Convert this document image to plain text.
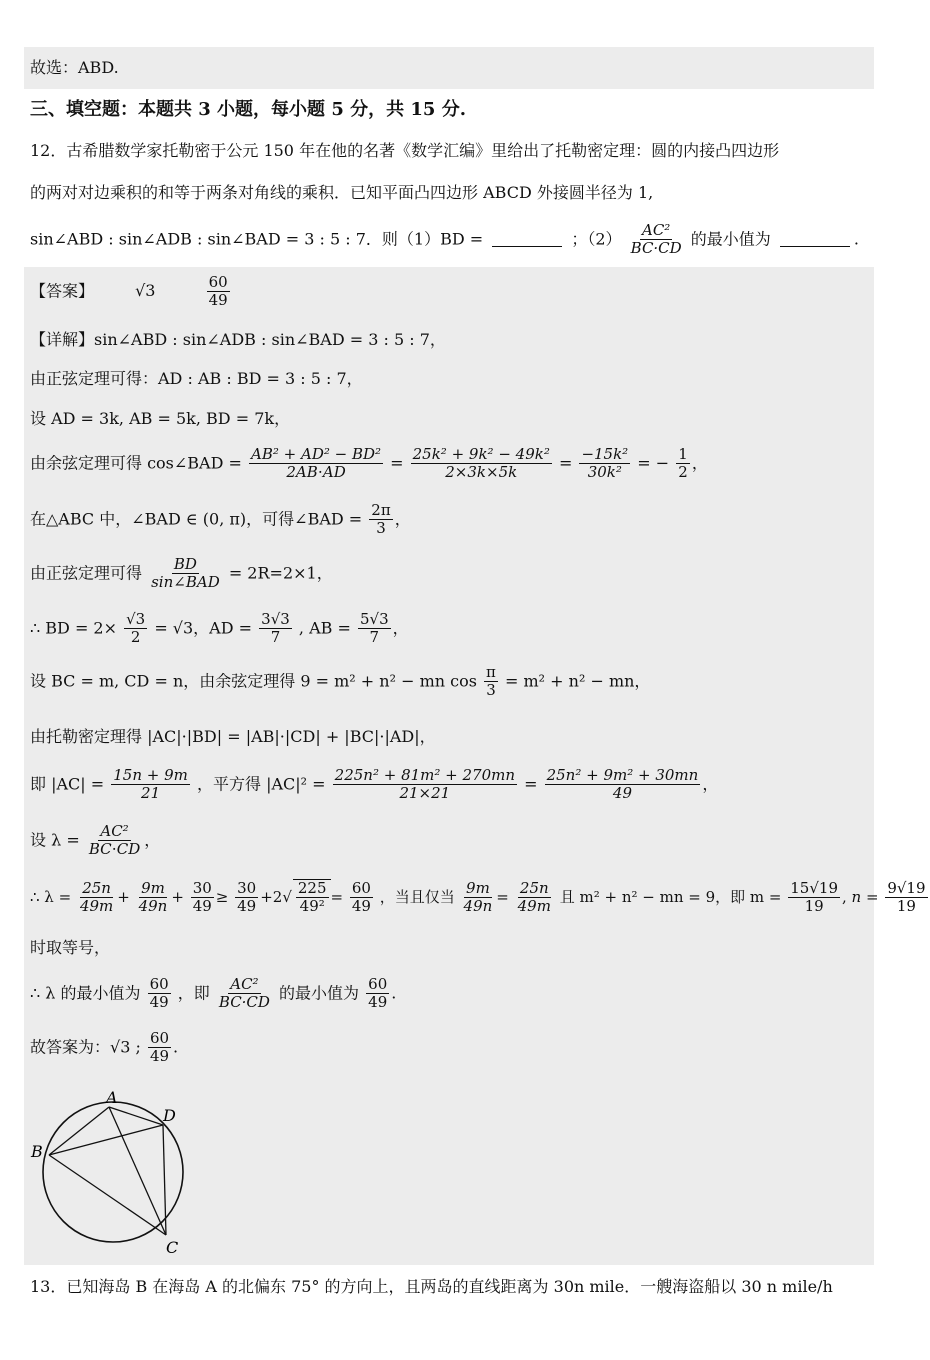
故选：ABD.
三、填空题：本题共 3 小题，每小题 5 分，共 15 分.
12．古希腊数学家托勒密于公元 150 年在他的名著《数学汇编》里给出了托勒密定理：圆的内接凸四边形
的两对对边乘积的和等于两条对角线的乘积．已知平面凸四边形 ABCD 外接圆半径为 1,
sin∠ABD : sin∠ADB : sin∠BAD = 3 : 5 : 7．则（1）BD =	；$(2) \frac{\text{AC²}}{BC\cdot CD}$ 的最小值为	.
【答案】	√3	$\frac{60}{49}$
【详解】sin∠ABD : sin∠ADB : sin∠BAD = 3 : 5 : 7，
由正弦定理可得：AD : AB : BD = 3 : 5 : 7，
设 AD = 3k, AB = 5k, BD = 7k，
由余弦定理可得 cos∠BAD = $\frac{\text{AB² + AD² − BD²}}{2AB\cdot AD} = \frac{\text{25k² + 9k² − 49k²}}{2\times 3k\times 5k} = \frac{\text{−15k²}}{\text{30k²}}$ = − $\frac{1}{2}$ ，
在△ABC 中，∠BAD ∈ (0, π)，可得∠BAD = $\frac{2\pi}{3}$ ，
由正弦定理可得 $\frac{BD}{\text{sin∠BAD}} = 2R=2\times 1$，
∴ BD = $2\times \frac{√3}{2} = √3$，AD = $\frac{3√3}{7}$ , AB = $\frac{5√3}{7}$ ，
设 BC = m, CD = n，由余弦定理得 9 = m² + n² − mn $\cos \frac{\pi}{3} = m^2 + n^2$ − mn，
由托勒密定理得 |AC|·|BD| = |AB|·|CD| + |BC|·|AD|，
即 $|AC| = \frac{15n + 9m}{21}$ ，平方得 $|AC|^2 = \frac{\text{225n² + 81m² + 270mn}}{21\times 21} = \frac{\text{25n² + 9m² + 30mn}}{49}$ ，
设 $\lambda = \frac{\text{AC²}}{BC\cdot CD}$ ，
∴ $\lambda = \frac{25n}{49m} + \frac{9m}{49n} + \frac{30}{49} \ge \frac{30}{49} +2√ \frac{225}{\text{49²}} = \frac{60}{49}$ ，当且仅当 $\frac{9m}{49n} = \frac{25n}{49m}$ 且 m² + n² − mn = 9，即 $m = \frac{15√19}{19}$ , $n = \frac{9√19}{19}$
时取等号，
∴ λ 的最小值为 $\frac{60}{49}$ ，即 $\frac{\text{AC²}}{BC\cdot CD}$ 的最小值为 $\frac{60}{49}$ .
故答案为：√3 ; $\frac{60}{49}$ .
A
D
B
C
13．已知海岛 B 在海岛 A 的北偏东 75° 的方向上，且两岛的直线距离为 30n mile．一艘海盗船以 30 n mile/h
